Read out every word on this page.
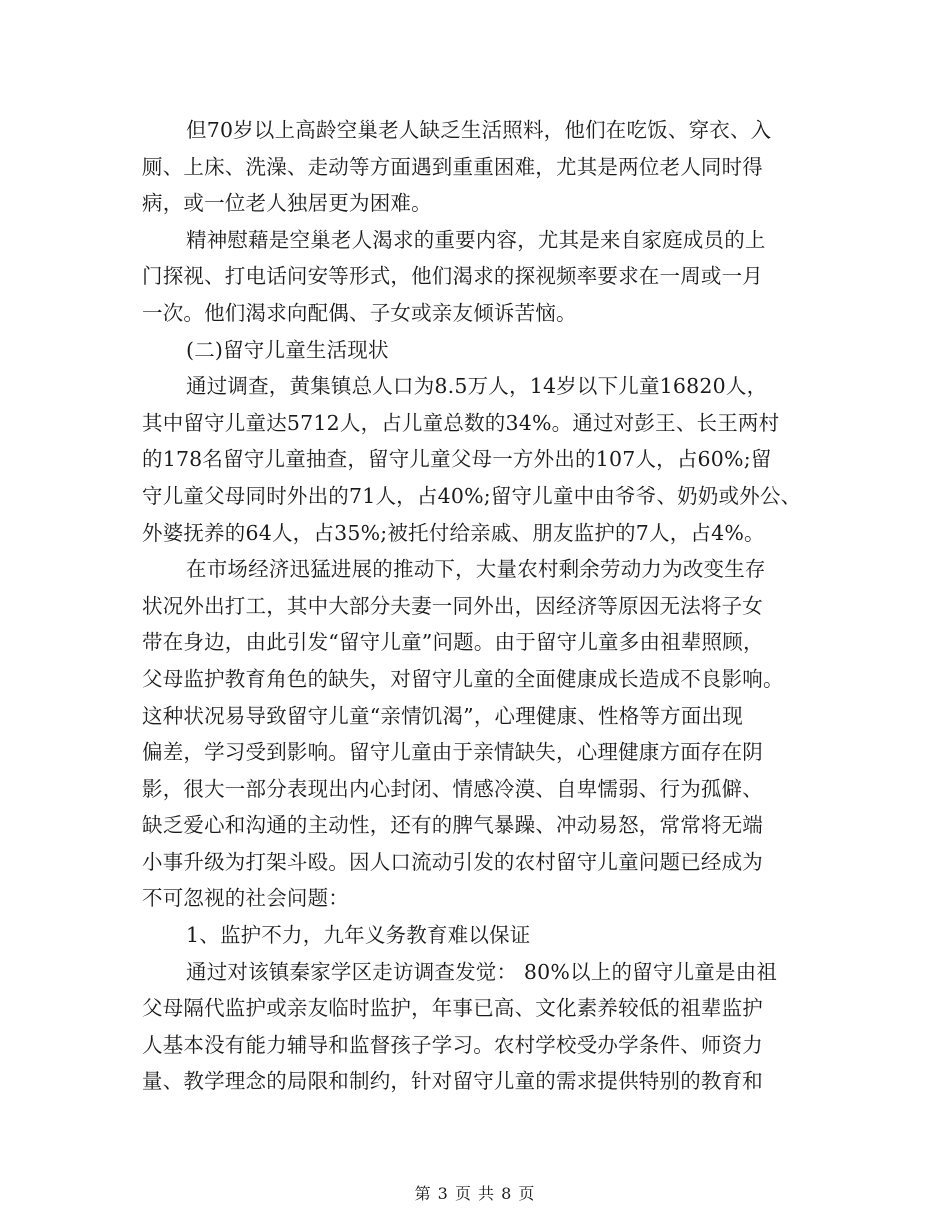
但70岁以上高龄空巢老人缺乏生活照料，他们在吃饭、穿衣、入
厕、上床、洗澡、走动等方面遇到重重困难，尤其是两位老人同时得
病，或一位老人独居更为困难。
精神慰藉是空巢老人渴求的重要内容，尤其是来自家庭成员的上
门探视、打电话问安等形式，他们渴求的探视频率要求在一周或一月
一次。他们渴求向配偶、子女或亲友倾诉苦恼。
(二)留守儿童生活现状
通过调查，黄集镇总人口为8.5万人，14岁以下儿童16820人，
其中留守儿童达5712人，占儿童总数的34%。通过对彭王、长王两村
的178名留守儿童抽查，留守儿童父母一方外出的107人，占60%;留
守儿童父母同时外出的71人，占40%;留守儿童中由爷爷、奶奶或外公、
外婆抚养的64人，占35%;被托付给亲戚、朋友监护的7人，占4%。
在市场经济迅猛进展的推动下，大量农村剩余劳动力为改变生存
状况外出打工，其中大部分夫妻一同外出，因经济等原因无法将子女
带在身边，由此引发“留守儿童”问题。由于留守儿童多由祖辈照顾，
父母监护教育角色的缺失，对留守儿童的全面健康成长造成不良影响。
这种状况易导致留守儿童“亲情饥渴”，心理健康、性格等方面出现
偏差，学习受到影响。留守儿童由于亲情缺失，心理健康方面存在阴
影，很大一部分表现出内心封闭、情感冷漠、自卑懦弱、行为孤僻、
缺乏爱心和沟通的主动性，还有的脾气暴躁、冲动易怒，常常将无端
小事升级为打架斗殴。因人口流动引发的农村留守儿童问题已经成为
不可忽视的社会问题：
1、监护不力，九年义务教育难以保证
通过对该镇秦家学区走访调查发觉： 80%以上的留守儿童是由祖
父母隔代监护或亲友临时监护，年事已高、文化素养较低的祖辈监护
人基本没有能力辅导和监督孩子学习。农村学校受办学条件、师资力
量、教学理念的局限和制约，针对留守儿童的需求提供特别的教育和
第 3 页 共 8 页
